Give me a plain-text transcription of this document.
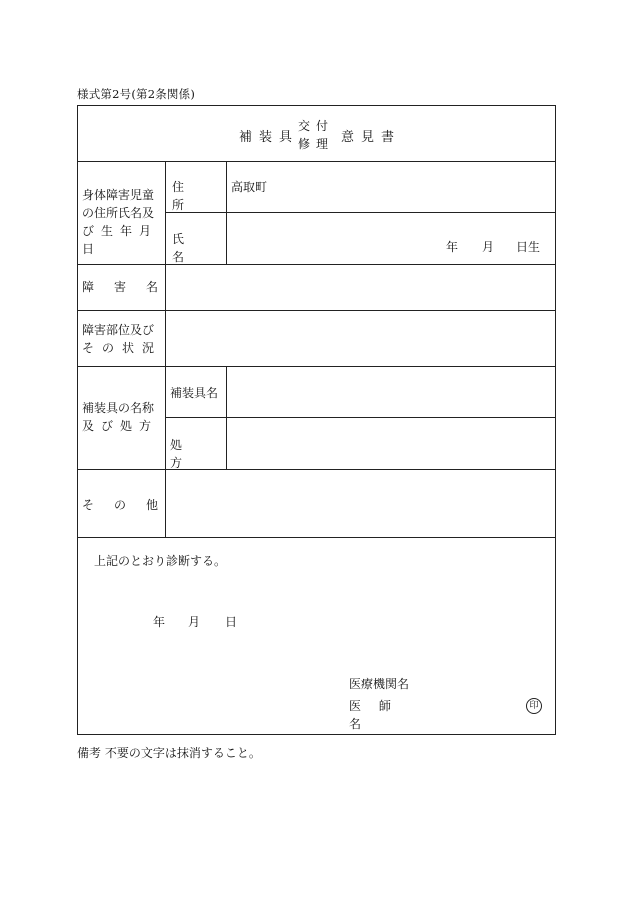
様式第2号(第2条関係)
補装具
交付
修理 意見書
身体障害児童
の住所氏名及
び生年月日
住 所
高取町
氏 名
年 月 日生
障害名
障害部位及び
その状況
補装具の名称
及び処方
補装具名
処 方
その他
上記のとおり診断する。
年 月 日
医療機関名
医 師 名
印
備考 不要の文字は抹消すること。
